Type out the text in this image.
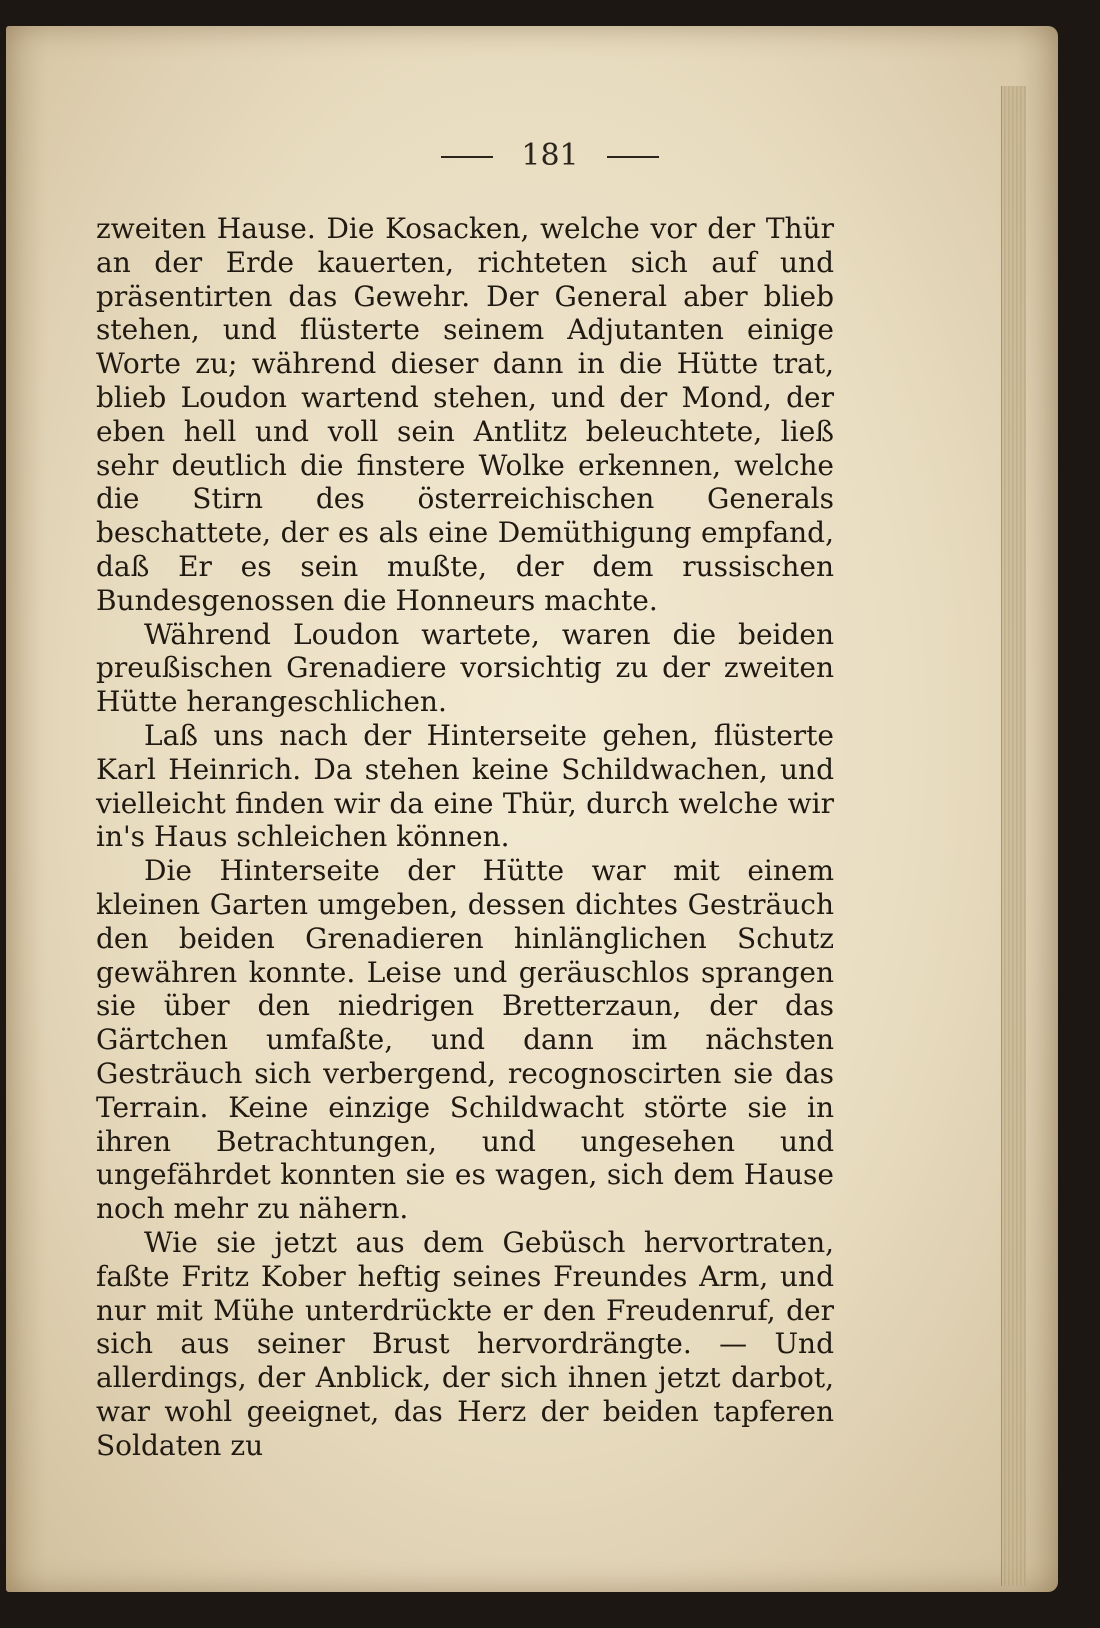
181

zweiten Hause. Die Kosacken, welche vor der Thür an der Erde kauerten, richteten sich auf und präsentirten das Gewehr. Der General aber blieb stehen, und flüsterte seinem Adjutanten einige Worte zu; während dieser dann in die Hütte trat, blieb Loudon wartend stehen, und der Mond, der eben hell und voll sein Antlitz beleuchtete, ließ sehr deutlich die finstere Wolke erkennen, welche die Stirn des österreichischen Generals beschattete, der es als eine Demüthigung empfand, daß Er es sein mußte, der dem russischen Bundesgenossen die Honneurs machte.

Während Loudon wartete, waren die beiden preußischen Grenadiere vorsichtig zu der zweiten Hütte herangeschlichen.

Laß uns nach der Hinterseite gehen, flüsterte Karl Heinrich. Da stehen keine Schildwachen, und vielleicht finden wir da eine Thür, durch welche wir in's Haus schleichen können.

Die Hinterseite der Hütte war mit einem kleinen Garten umgeben, dessen dichtes Gesträuch den beiden Grenadieren hinlänglichen Schutz gewähren konnte. Leise und geräuschlos sprangen sie über den niedrigen Bretterzaun, der das Gärtchen umfaßte, und dann im nächsten Gesträuch sich verbergend, recognoscirten sie das Terrain. Keine einzige Schildwacht störte sie in ihren Betrachtungen, und ungesehen und ungefährdet konnten sie es wagen, sich dem Hause noch mehr zu nähern.

Wie sie jetzt aus dem Gebüsch hervortraten, faßte Fritz Kober heftig seines Freundes Arm, und nur mit Mühe unterdrückte er den Freudenruf, der sich aus seiner Brust hervordrängte. — Und allerdings, der Anblick, der sich ihnen jetzt darbot, war wohl geeignet, das Herz der beiden tapferen Soldaten zu
